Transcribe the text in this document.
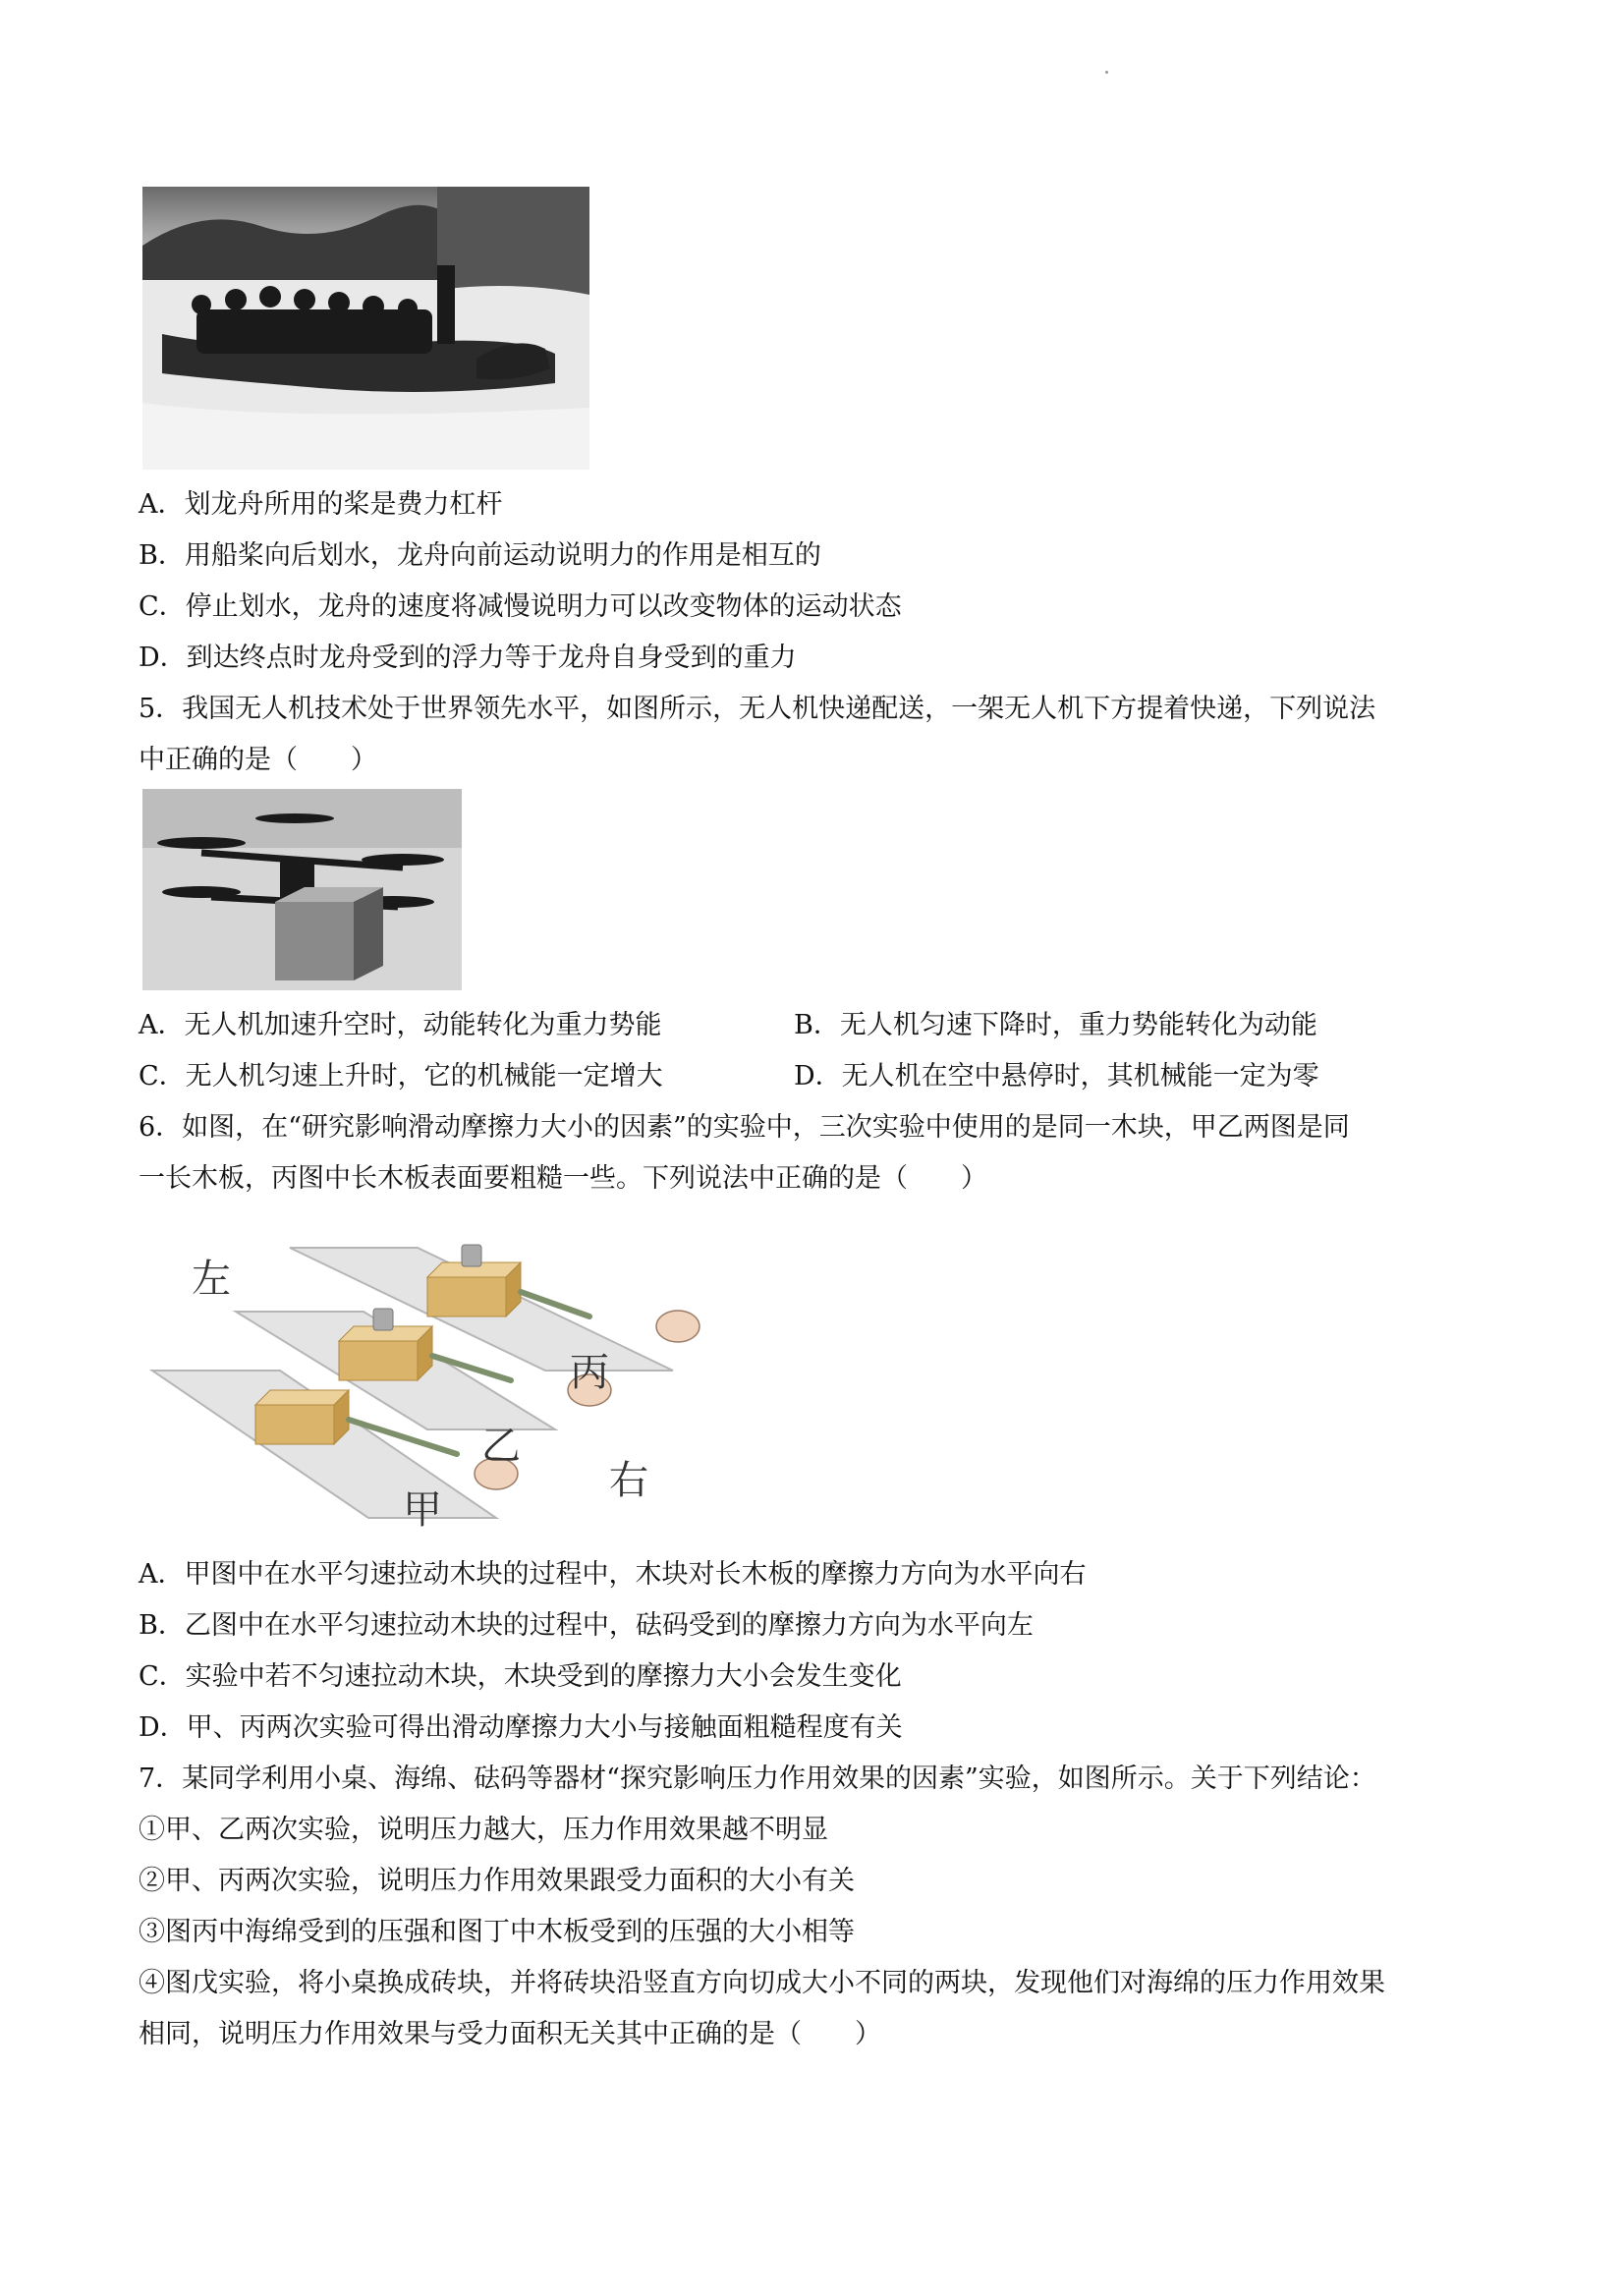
A．划龙舟所用的桨是费力杠杆
B．用船桨向后划水，龙舟向前运动说明力的作用是相互的
C．停止划水，龙舟的速度将减慢说明力可以改变物体的运动状态
D．到达终点时龙舟受到的浮力等于龙舟自身受到的重力
5．我国无人机技术处于世界领先水平，如图所示，无人机快递配送，一架无人机下方提着快递，下列说法
中正确的是（　　）
A．无人机加速升空时，动能转化为重力势能	B．无人机匀速下降时，重力势能转化为动能
C．无人机匀速上升时，它的机械能一定增大	D．无人机在空中悬停时，其机械能一定为零
6．如图，在“研究影响滑动摩擦力大小的因素”的实验中，三次实验中使用的是同一木块，甲乙两图是同
一长木板，丙图中长木板表面要粗糙一些。下列说法中正确的是（　　）
左
丙
乙
右
甲
A．甲图中在水平匀速拉动木块的过程中，木块对长木板的摩擦力方向为水平向右
B．乙图中在水平匀速拉动木块的过程中，砝码受到的摩擦力方向为水平向左
C．实验中若不匀速拉动木块，木块受到的摩擦力大小会发生变化
D．甲、丙两次实验可得出滑动摩擦力大小与接触面粗糙程度有关
7．某同学利用小桌、海绵、砝码等器材“探究影响压力作用效果的因素”实验，如图所示。关于下列结论：
①甲、乙两次实验，说明压力越大，压力作用效果越不明显
②甲、丙两次实验，说明压力作用效果跟受力面积的大小有关
③图丙中海绵受到的压强和图丁中木板受到的压强的大小相等
④图戊实验，将小桌换成砖块，并将砖块沿竖直方向切成大小不同的两块，发现他们对海绵的压力作用效果
相同，说明压力作用效果与受力面积无关其中正确的是（　　）
